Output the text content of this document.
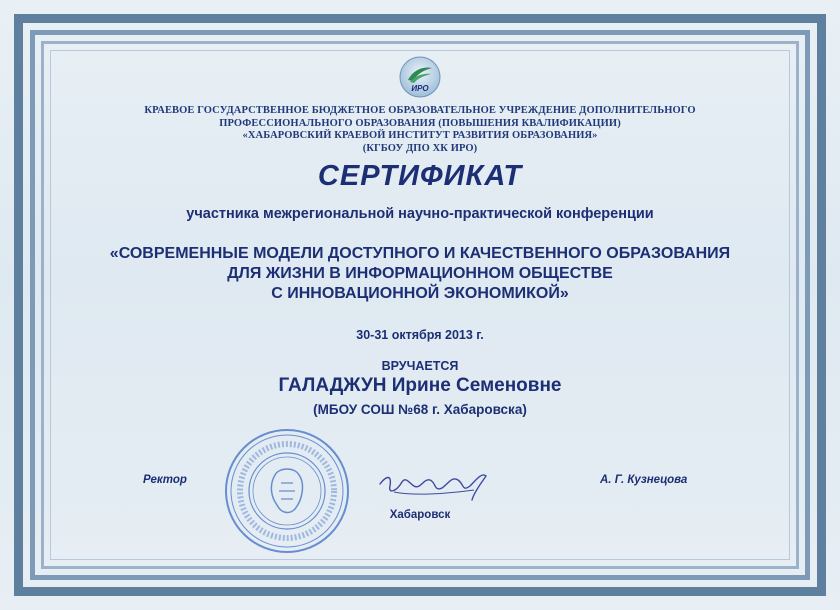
ИРО
КРАЕВОЕ ГОСУДАРСТВЕННОЕ БЮДЖЕТНОЕ ОБРАЗОВАТЕЛЬНОЕ УЧРЕЖДЕНИЕ ДОПОЛНИТЕЛЬНОГО
ПРОФЕССИОНАЛЬНОГО ОБРАЗОВАНИЯ (ПОВЫШЕНИЯ КВАЛИФИКАЦИИ)
«ХАБАРОВСКИЙ КРАЕВОЙ ИНСТИТУТ РАЗВИТИЯ ОБРАЗОВАНИЯ»
(КГБОУ ДПО ХК ИРО)
СЕРТИФИКАТ
участника межрегиональной научно-практической конференции
«СОВРЕМЕННЫЕ МОДЕЛИ ДОСТУПНОГО И КАЧЕСТВЕННОГО ОБРАЗОВАНИЯ
ДЛЯ ЖИЗНИ В ИНФОРМАЦИОННОМ ОБЩЕСТВЕ
С ИННОВАЦИОННОЙ ЭКОНОМИКОЙ»
30-31 октября 2013 г.
ВРУЧАЕТСЯ
ГАЛАДЖУН Ирине Семеновне
(МБОУ СОШ №68 г. Хабаровска)
Ректор	А. Г. Кузнецова
Хабаровск
